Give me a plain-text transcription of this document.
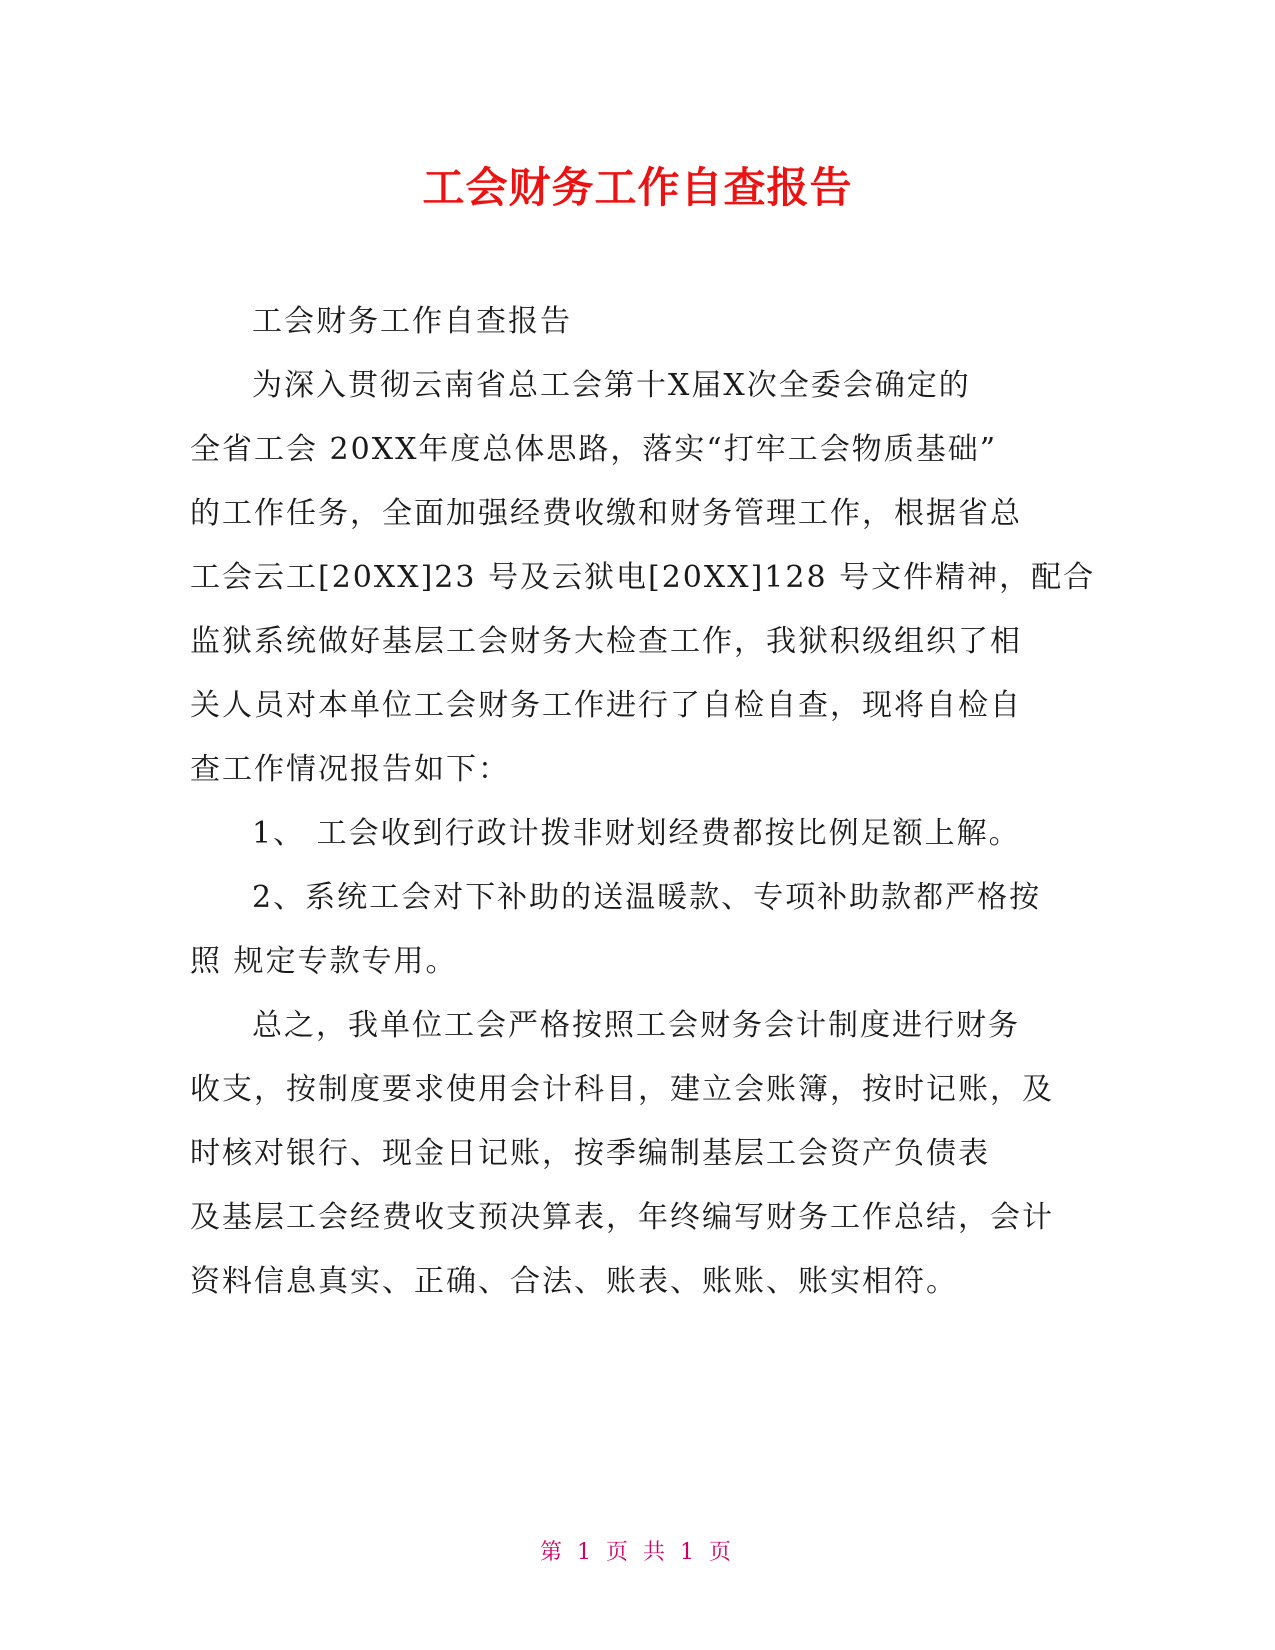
工会财务工作自查报告
工会财务工作自查报告
为深入贯彻云南省总工会第十X届X次全委会确定的
全省工会 20XX年度总体思路，落实“打牢工会物质基础”
的工作任务，全面加强经费收缴和财务管理工作，根据省总
工会云工[20XX]23 号及云狱电[20XX]128 号文件精神，配合
监狱系统做好基层工会财务大检查工作，我狱积级组织了相
关人员对本单位工会财务工作进行了自检自查，现将自检自
查工作情况报告如下：
1、 工会收到行政计拨非财划经费都按比例足额上解。
2、系统工会对下补助的送温暖款、专项补助款都严格按
照 规定专款专用。
总之，我单位工会严格按照工会财务会计制度进行财务
收支，按制度要求使用会计科目，建立会账簿，按时记账，及
时核对银行、现金日记账，按季编制基层工会资产负债表
及基层工会经费收支预决算表，年终编写财务工作总结，会计
资料信息真实、正确、合法、账表、账账、账实相符。
第 1 页 共 1 页
